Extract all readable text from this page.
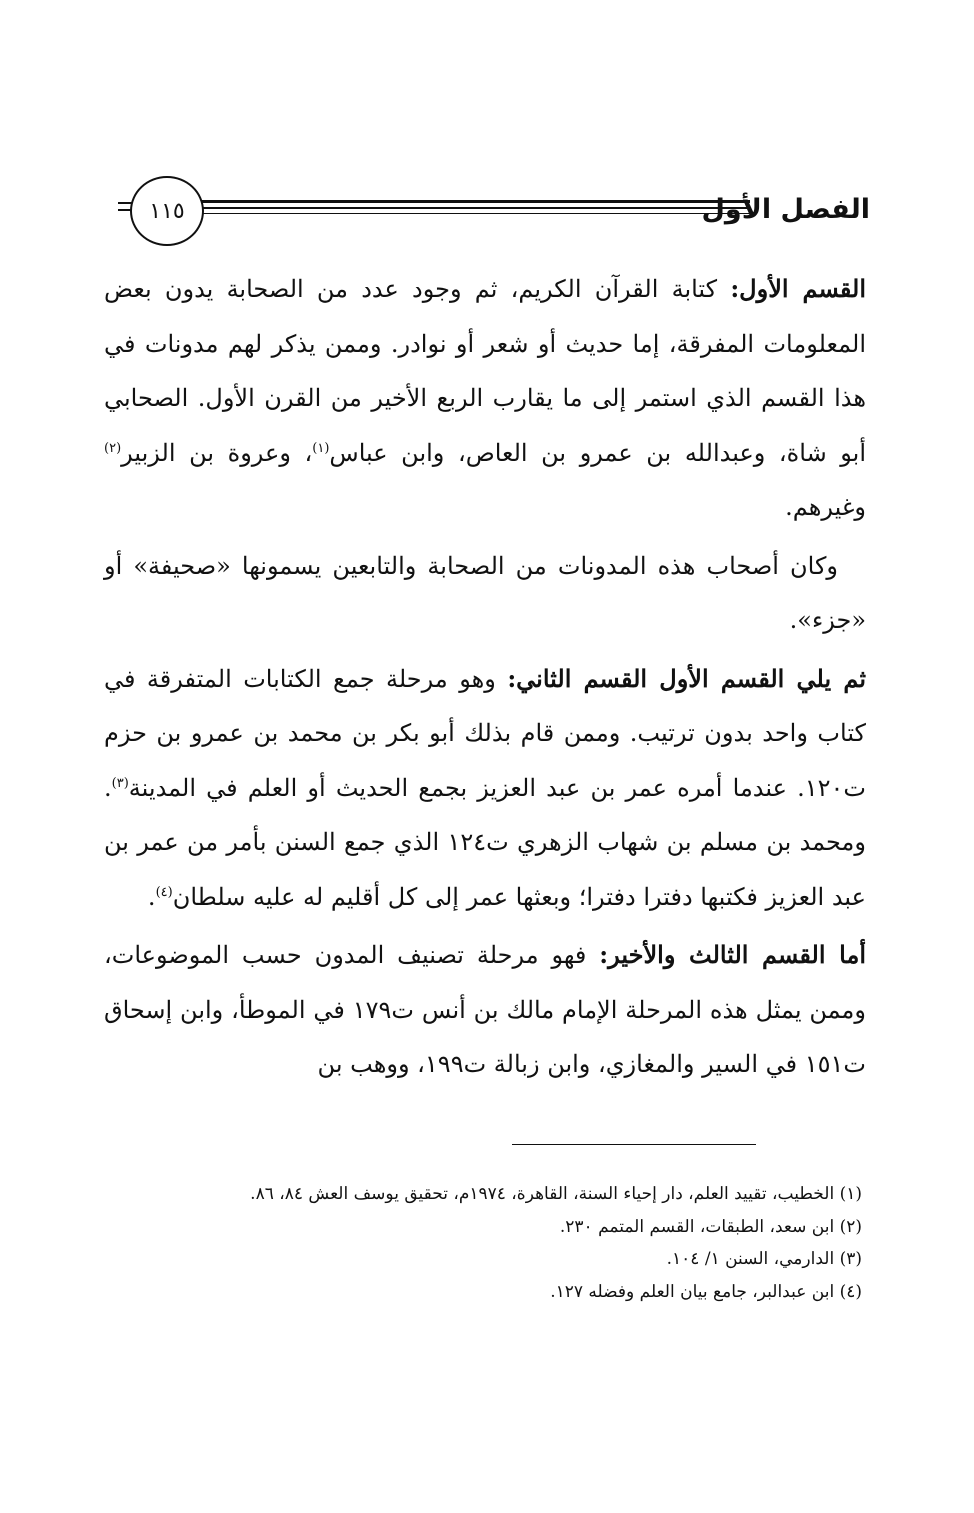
١١٥	الفصل الأول

القسم الأول: كتابة القرآن الكريم، ثم وجود عدد من الصحابة يدون بعض المعلومات المفرقة، إما حديث أو شعر أو نوادر. وممن يذكر لهم مدونات في هذا القسم الذي استمر إلى ما يقارب الربع الأخير من القرن الأول. الصحابي أبو شاة، وعبدالله بن عمرو بن العاص، وابن عباس$^{(١)}$، وعروة بن الزبير$^{(٢)}$ وغيرهم.

وكان أصحاب هذه المدونات من الصحابة والتابعين يسمونها «صحيفة» أو «جزء».

ثم يلي القسم الأول القسم الثاني: وهو مرحلة جمع الكتابات المتفرقة في كتاب واحد بدون ترتيب. وممن قام بذلك أبو بكر بن محمد بن عمرو بن حزم ت١٢٠. عندما أمره عمر بن عبد العزيز بجمع الحديث أو العلم في المدينة$^{(٣)}$. ومحمد بن مسلم بن شهاب الزهري ت١٢٤ الذي جمع السنن بأمر من عمر بن عبد العزيز فكتبها دفترا دفترا؛ وبعثها عمر إلى كل أقليم له عليه سلطان$^{(٤)}$.

أما القسم الثالث والأخير: فهو مرحلة تصنيف المدون حسب الموضوعات، وممن يمثل هذه المرحلة الإمام مالك بن أنس ت١٧٩ في الموطأ، وابن إسحاق ت١٥١ في السير والمغازي، وابن زبالة ت١٩٩، ووهب بن

(١) الخطيب، تقييد العلم، دار إحياء السنة، القاهرة، ١٩٧٤م، تحقيق يوسف العش ٨٤، ٨٦.

(٢) ابن سعد، الطبقات، القسم المتمم ٢٣٠.

(٣) الدارمي، السنن ١/ ١٠٤.

(٤) ابن عبدالبر، جامع بيان العلم وفضله ١٢٧.
